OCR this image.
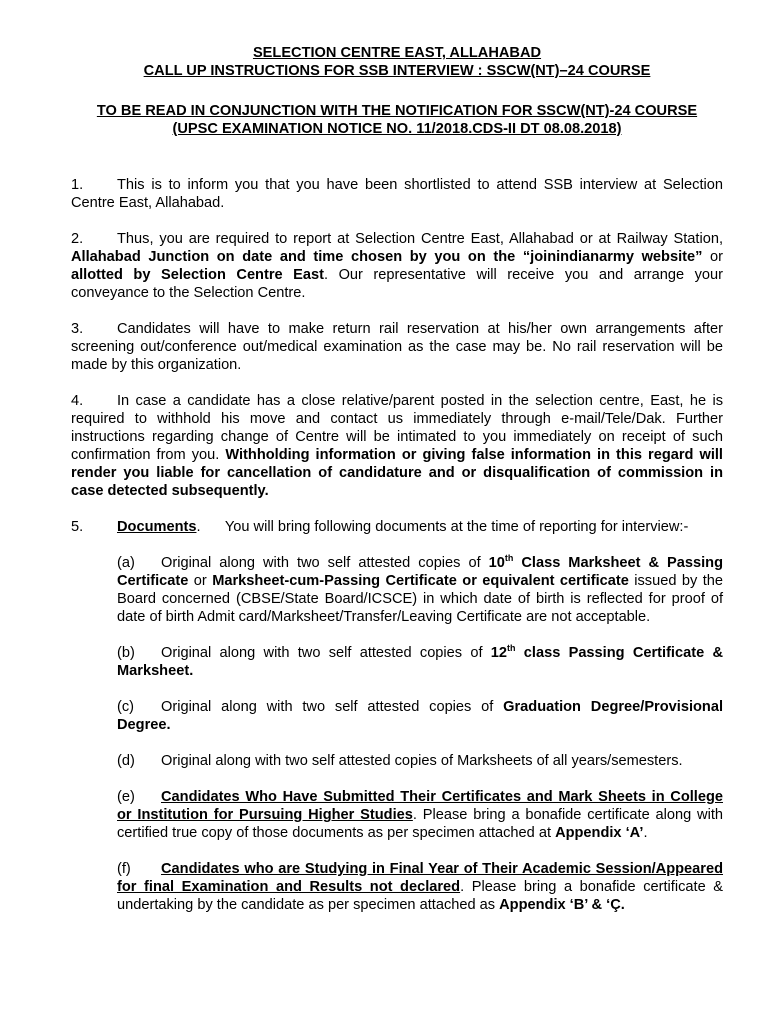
SELECTION CENTRE EAST, ALLAHABAD
CALL UP INSTRUCTIONS FOR SSB INTERVIEW : SSCW(NT)–24 COURSE
TO BE READ IN CONJUNCTION WITH THE NOTIFICATION FOR SSCW(NT)-24 COURSE
(UPSC EXAMINATION NOTICE NO. 11/2018.CDS-II DT 08.08.2018)
1. This is to inform you that you have been shortlisted to attend SSB interview at Selection Centre East, Allahabad.
2. Thus, you are required to report at Selection Centre East, Allahabad or at Railway Station, Allahabad Junction on date and time chosen by you on the “joinindianarmy website” or allotted by Selection Centre East. Our representative will receive you and arrange your conveyance to the Selection Centre.
3. Candidates will have to make return rail reservation at his/her own arrangements after screening out/conference out/medical examination as the case may be. No rail reservation will be made by this organization.
4. In case a candidate has a close relative/parent posted in the selection centre, East, he is required to withhold his move and contact us immediately through e-mail/Tele/Dak. Further instructions regarding change of Centre will be intimated to you immediately on receipt of such confirmation from you. Withholding information or giving false information in this regard will render you liable for cancellation of candidature and or disqualification of commission in case detected subsequently.
5.	Documents. You will bring following documents at the time of reporting for interview:-
(a) Original along with two self attested copies of 10th Class Marksheet & Passing Certificate or Marksheet-cum-Passing Certificate or equivalent certificate issued by the Board concerned (CBSE/State Board/ICSCE) in which date of birth is reflected for proof of date of birth Admit card/Marksheet/Transfer/Leaving Certificate are not acceptable.
(b) Original along with two self attested copies of 12th class Passing Certificate & Marksheet.
(c) Original along with two self attested copies of Graduation Degree/Provisional Degree.
(d) Original along with two self attested copies of Marksheets of all years/semesters.
(e) Candidates Who Have Submitted Their Certificates and Mark Sheets in College or Institution for Pursuing Higher Studies. Please bring a bonafide certificate along with certified true copy of those documents as per specimen attached at Appendix ‘A’.
(f) Candidates who are Studying in Final Year of Their Academic Session/Appeared for final Examination and Results not declared. Please bring a bonafide certificate & undertaking by the candidate as per specimen attached as Appendix ‘B’ & ‘Ç.
